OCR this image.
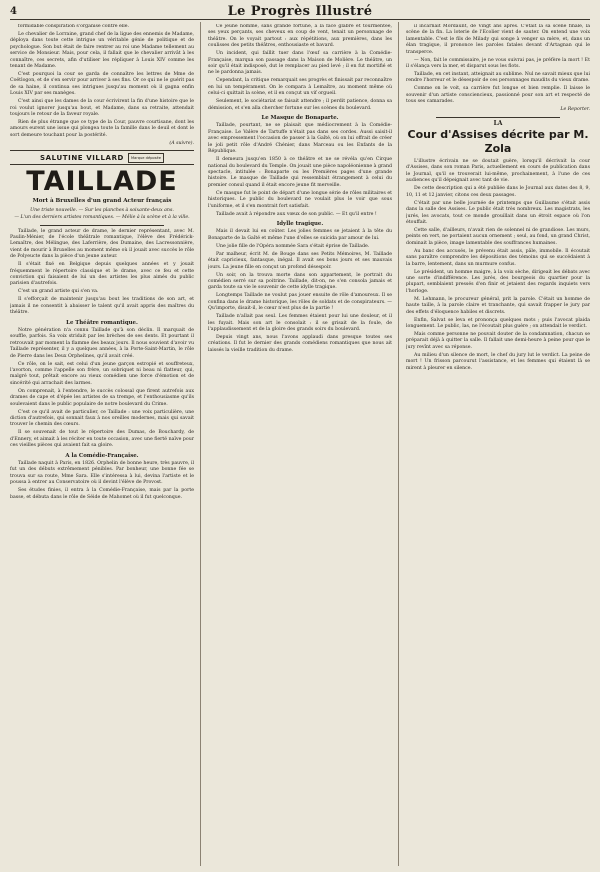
4	Le Progrès Illustré

formidable conspiration s'organise contre elle.

Le chevalier de Lorraine, grand chef de la ligue des ennemis de Madame, déploya dans toute cette intrigue un véritable génie de politique et de psychologue. Son but était de faire rentrer au roi une Madame tellement au service de Monsieur. Mais, pour cela, il fallait que le chevalier arrivât à les connaître, ces secrets, afin d'utiliser les répliquer à Louis XIV comme les tenant de Madame.

C'est pourquoi la cour se garda de connaître les lettres de Mme de Coëtlogon, et de s'en servir pour arriver à ses fins. Or ce qui ne le guérit pas de sa haine, il continua ses intrigues jusqu'au moment où il gagna enfin Louis XIV par ses manèges.

C'est ainsi que les dames de la cour écrivirent la fin d'une histoire que le roi voulut ignorer jusqu'au bout, et Madame, dans sa retraite, attendait toujours le retour de la faveur royale.

Rien de plus étrange que ce type de la Cour, pauvre courtisane, dont les amours eurent une issue qui plongea toute la famille dans le deuil et dont le sort demeure touchant pour la postérité.

(A suivre).
SALUTINE VILLARD Marque déposée
TAILLADE
Mort à Bruxelles d'un grand Acteur français
Une triste nouvelle. — Sur les planches à soixante-deux ans.
— L'un des derniers artistes romantiques. — Mélie à la scène et à la ville.

Taillade, le grand acteur de drame, le dernier représentant, avec M. Paulin-Ménier, de l'école théâtrale romantique, l'élève des Frédérick-Lemaître, des Mélingue, des Laferrière, des Dumaine, des Lacressonnière, vient de mourir à Bruxelles au moment même où il jouait avec succès le rôle de Polyeucte dans la pièce d'un jeune auteur.

Il s'était fixé en Belgique depuis quelques années et y jouait fréquemment le répertoire classique et le drame, avec ce feu et cette conviction qui faisaient de lui un des artistes les plus aimés du public parisien d'autrefois.

C'est un grand artiste qui s'en va.

Il s'efforçait de maintenir jusqu'au bout les traditions de son art, et jamais il ne consentit à abaisser le talent qu'il avait appris des maîtres du théâtre.

Le Théâtre romantique.

Notre génération n'a connu Taillade qu'à son déclin. Il marquait de souffle, parfois. Sa voix stridait par les brèches de ses dents. Et pourtant il retrouvait par moment la flamme des beaux jours. Il nous souvient d'avoir vu Taillade représenter, il y a quelques années, à la Porte-Saint-Martin, le rôle de Pierre dans les Deux Orphelines, qu'il avait créé.

Ce rôle, on le sait, est celui d'un jeune garçon estropié et souffreteux, l'avorton, comme l'appelle son frère, un sobriquet ni beau ni flatteur, qui, malgré tout, prêtait encore au vieux comédien une force d'émotion et de sincérité qui arrachait des larmes.

On comprenait, à l'entendre, le succès colossal que firent autrefois aux drames de cape et d'épée les artistes de sa trempe, et l'enthousiasme qu'ils soulevaient dans le public populaire de notre boulevard du Crime.

C'est ce qu'il avait de particulier, ce Taillade : une voix particulière, une diction d'autrefois, qui sonnait faux à nos oreilles modernes, mais qui savait trouver le chemin des cœurs.

Il se souvenait de tout le répertoire des Dumas, de Bouchardy, de d'Ennery, et aimait à les réciter en toute occasion, avec une fierté naïve pour ces vieilles pièces qui avaient fait sa gloire.

A la Comédie-Française.

Taillade naquit à Paris, en 1826. Orphelin de bonne heure, très pauvre, il fut un des débuts extrêmement pénibles. Par bonheur, une bonne fée se trouva sur sa route, Mme Sara. Elle s'intéressa à lui, devina l'artiste et le poussa à entrer au Conservatoire où il devint l'élève de Provost.

Ses études finies, il entra à la Comédie-Française, mais par la porte basse, et débuta dans le rôle de Séide de Mahomet où il fut quelconque.

Ce jeune homme, sans grande fortune, à la face glabre et tourmentée, ses yeux perçants, ses cheveux en coup de vent, tenait un personnage de théâtre. On le voyait partout : aux répétitions, aux premières, dans les coulisses des petits théâtres, enthousiaste et bavard.

Un incident, qui faillit tuer dans l'œuf sa carrière à la Comédie-Française, marqua son passage dans la Maison de Molière. Le théâtre, un soir qu'il était indisposé, dut le remplacer au pied levé ; il en fut mortifié et ne le pardonna jamais.

Cependant, la critique remarquait ses progrès et finissait par reconnaître en lui un tempérament. On le compara à Lemaître, au moment même où celui-ci quittait la scène, et il en conçut un vif orgueil.

Seulement, le sociétariat se faisait attendre ; il perdit patience, donna sa démission, et s'en alla chercher fortune sur les scènes du boulevard.

Le Masque de Bonaparte.

Taillade, pourtant, ne se plaisait que médiocrement à la Comédie-Française. Le Valère de Tartuffe n'était pas dans ses cordes. Aussi saisit-il avec empressement l'occasion de passer à la Gaîté, où on lui offrait de créer le joli petit rôle d'André Chénier, dans Marceau ou les Enfants de la République.

Il demeura jusqu'en 1850 à ce théâtre et ne se révéla qu'en Cirque national du boulevard du Temple. On jouait une pièce napoléonienne à grand spectacle, intitulée : Bonaparte ou les Premières pages d'une grande histoire. Le masque de Taillade qui ressemblait étrangement à celui du premier consul quand il était encore jeune fit merveille.

Ce masque fut le point de départ d'une longue série de rôles militaires et historiques. Le public du boulevard ne voulait plus le voir que sous l'uniforme, et il s'en montrait fort satisfait.

Taillade avait à répondre aux vœux de son public. — Et qu'il entre !

Idylle tragique.

Mais il devait lui en coûter. Les jolies femmes se jetaient à la tête du Bonaparte de la Gaîté et même l'une d'elles se suicida par amour de lui.

Une jolie fille de l'Opéra nommée Sara s'était éprise de Taillade.

Par malheur, écrit M. de Bouge dans ses Petits Mémoires, M. Taillade était capricieux, fantasque, inégal. Il avait ses bons jours et ses mauvais jours. La jeune fille en conçut un profond désespoir.

Un soir, on la trouva morte dans son appartement, le portrait du comédien serré sur sa poitrine. Taillade, dit-on, ne s'en consola jamais et garda toute sa vie le souvenir de cette idylle tragique.

Longtemps Taillade ne voulut pas jouer ensuite de rôle d'amoureux. Il se confina dans le drame historique, les rôles de soldats et de conspirateurs. — Qu'importe, disait-il, le cœur n'est plus de la partie !

Taillade n'allait pas seul. Les femmes étaient pour lui une douleur, et il les fuyait. Mais son art le consolait : il se grisait de la foule, de l'applaudissement et de la gloire des grands soirs du boulevard.

Depuis vingt ans, nous l'avons applaudi dans presque toutes ses créations. Il fut le dernier des grands comédiens romantiques que nous ait laissés la vieille tradition du drame.

il incarnait Mordaunt, de Vingt ans après. C'était là sa scène finale, la scène de la fin. La loterie de l'Ecolier vient de sauter. On entend une voix lamentable. C'est le fils de Milady qui songe à venger sa mère, et, dans un élan tragique, il prononce les paroles fatales devant d'Artagnan qui le transperce.

— Non, fait le commissaire, je ne vous suivrai pas, je préfère la mort ! Et il s'élança vers la mer, et disparut sous les flots.

Taillade, en cet instant, atteignait au sublime. Nul ne savait mieux que lui rendre l'horreur et le désespoir de ces personnages maudits du vieux drame.

Comme on le voit, sa carrière fut longue et bien remplie. Il laisse le souvenir d'un artiste consciencieux, passionné pour son art et respecté de tous ses camarades.

Le Reporter.
LA
Cour d'Assises décrite par M. Zola

L'illustre écrivain ne se doutait guère, lorsqu'il décrivait la cour d'Assises, dans son roman Paris, actuellement en cours de publication dans le Journal, qu'il se trouverait lui-même, prochainement, à l'une de ces audiences qu'il dépeignait avec tant de vie.

De cette description qui a été publiée dans le Journal aux dates des 8, 9, 10, 11 et 12 janvier, citons ces deux passages.

C'était par une belle journée de printemps que Guillaume s'était assis dans la salle des Assises. Le public était très nombreux. Les magistrats, les jurés, les avocats, tout ce monde grouillait dans un étroit espace où l'on étouffait.

Cette salle, d'ailleurs, n'avait rien de solennel ni de grandiose. Les murs, peints en vert, ne portaient aucun ornement ; seul, au fond, un grand Christ, dominait la pièce, image lamentable des souffrances humaines.

Au banc des accusés, le prévenu était assis, pâle, immobile. Il écoutait sans paraître comprendre les dépositions des témoins qui se succédaient à la barre, lentement, dans un murmure confus.

Le président, un homme maigre, à la voix sèche, dirigeait les débats avec une sorte d'indifférence. Les jurés, des bourgeois du quartier pour la plupart, semblaient pressés d'en finir et jetaient des regards inquiets vers l'horloge.

M. Lehmann, le procureur général, prit la parole. C'était un homme de haute taille, à la parole claire et tranchante, qui savait frapper le jury par des effets d'éloquence habiles et discrets.

Enfin, Salvat se leva et prononça quelques mots ; puis l'avocat plaida longuement. Le public, las, ne l'écoutait plus guère ; on attendait le verdict.

Mais comme personne ne pouvait douter de la condamnation, chacun se préparait déjà à quitter la salle. Il fallait une demi-heure à peine pour que le jury revînt avec sa réponse.

Au milieu d'un silence de mort, le chef du jury lut le verdict. La peine de mort ! Un frisson parcourut l'assistance, et les femmes qui étaient là se mirent à pleurer en silence.
